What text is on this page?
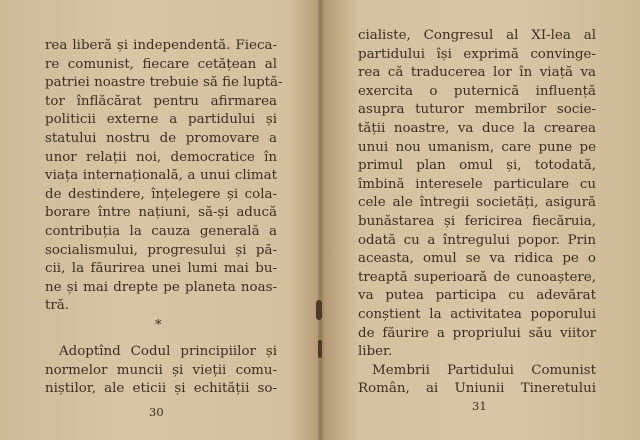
rea liberă și independentă. Fieca-
re comunist, fiecare cetățean al
patriei noastre trebuie să fie luptă-
tor înflăcărat pentru afirmarea
politicii externe a partidului și
statului nostru de promovare a
unor relații noi, democratice în
viața internațională, a unui climat
de destindere, înțelegere și cola-
borare între națiuni, să-și aducă
contribuția la cauza generală a
socialismului, progresului și pă-
cii, la făurirea unei lumi mai bu-
ne și mai drepte pe planeta noas-
tră.
*
Adoptînd Codul principiilor și
normelor muncii și vieții comu-
niștilor, ale eticii și echității so-
30
cialiste, Congresul al XI-lea al
partidului își exprimă convinge-
rea că traducerea lor în viață va
exercita o puternică influență
asupra tuturor membrilor socie-
tății noastre, va duce la crearea
unui nou umanism, care pune pe
primul plan omul și, totodată,
îmbină interesele particulare cu
cele ale întregii societăți, asigură
bunăstarea și fericirea fiecăruia,
odată cu a întregului popor. Prin
aceasta, omul se va ridica pe o
treaptă superioară de cunoaștere,
va putea participa cu adevărat
conștient la activitatea poporului
de făurire a propriului său viitor
liber.
Membrii Partidului Comunist
Român, ai Uniunii Tineretului
31
